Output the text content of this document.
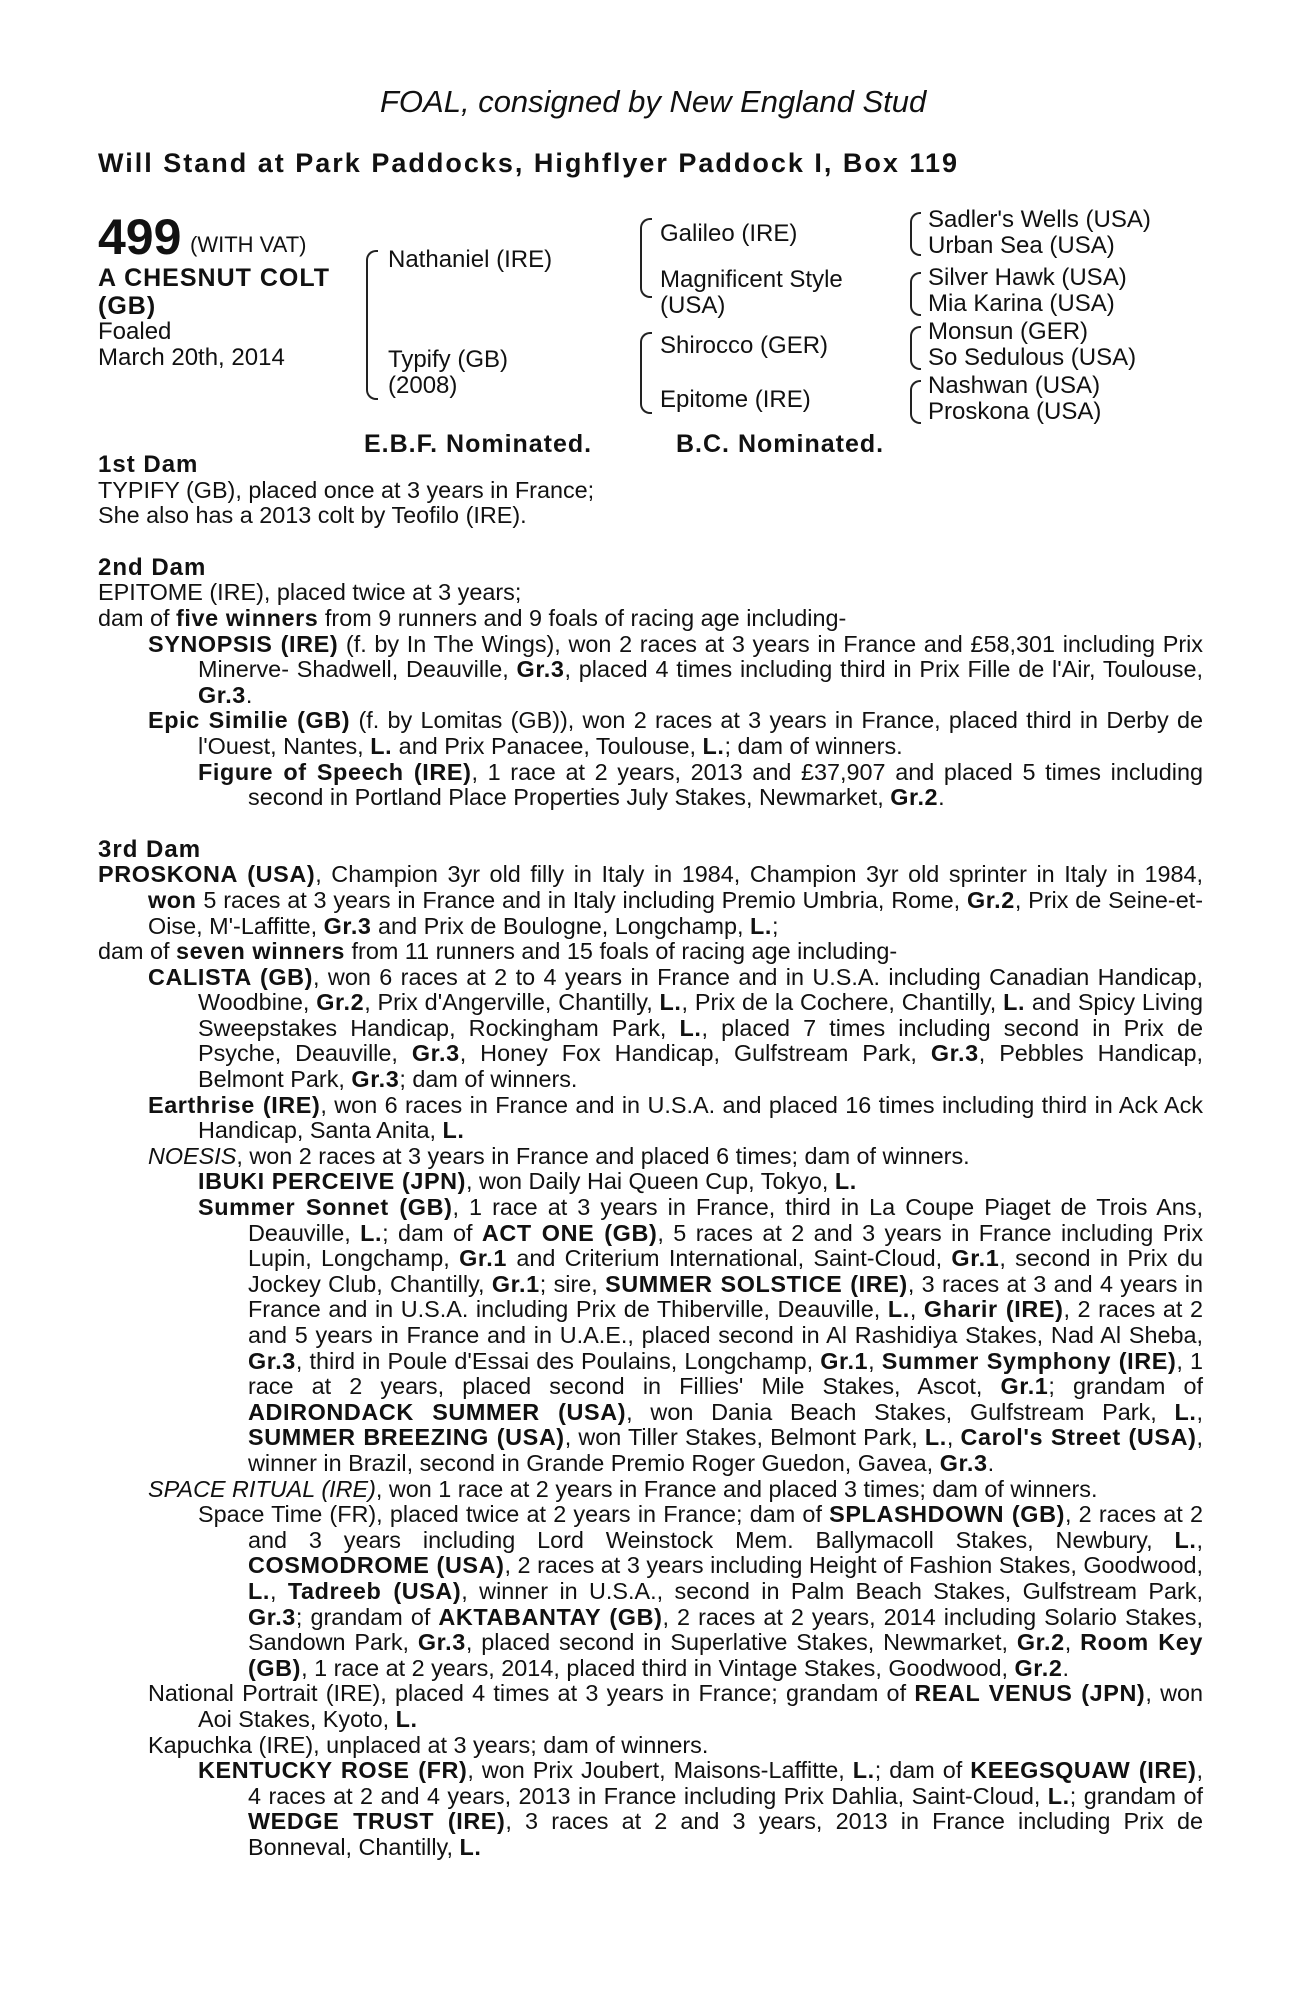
FOAL, consigned by New England Stud
Will Stand at Park Paddocks, Highflyer Paddock I, Box 119
499 (WITH VAT)
A CHESNUT COLT
(GB)
Foaled
March 20th, 2014
Nathaniel (IRE)
Typify (GB)
(2008)
Galileo (IRE)
Magnificent Style
(USA)
Shirocco (GER)
Epitome (IRE)
Sadler's Wells (USA)
Urban Sea (USA)
Silver Hawk (USA)
Mia Karina (USA)
Monsun (GER)
So Sedulous (USA)
Nashwan (USA)
Proskona (USA)
E.B.F. Nominated.	B.C. Nominated.

1st Dam

TYPIFY (GB), placed once at 3 years in France;

She also has a 2013 colt by Teofilo (IRE).

2nd Dam

EPITOME (IRE), placed twice at 3 years;

dam of five winners from 9 runners and 9 foals of racing age including-

SYNOPSIS (IRE) (f. by In The Wings), won 2 races at 3 years in France and £58,301 including Prix Minerve- Shadwell, Deauville, Gr.3, placed 4 times including third in Prix Fille de l'Air, Toulouse, Gr.3.

Epic Similie (GB) (f. by Lomitas (GB)), won 2 races at 3 years in France, placed third in Derby de l'Ouest, Nantes, L. and Prix Panacee, Toulouse, L.; dam of winners.

Figure of Speech (IRE), 1 race at 2 years, 2013 and £37,907 and placed 5 times including second in Portland Place Properties July Stakes, Newmarket, Gr.2.

3rd Dam

PROSKONA (USA), Champion 3yr old filly in Italy in 1984, Champion 3yr old sprinter in Italy in 1984, won 5 races at 3 years in France and in Italy including Premio Umbria, Rome, Gr.2, Prix de Seine-et-Oise, M'-Laffitte, Gr.3 and Prix de Boulogne, Longchamp, L.;

dam of seven winners from 11 runners and 15 foals of racing age including-

CALISTA (GB), won 6 races at 2 to 4 years in France and in U.S.A. including Canadian Handicap, Woodbine, Gr.2, Prix d'Angerville, Chantilly, L., Prix de la Cochere, Chantilly, L. and Spicy Living Sweepstakes Handicap, Rockingham Park, L., placed 7 times including second in Prix de Psyche, Deauville, Gr.3, Honey Fox Handicap, Gulfstream Park, Gr.3, Pebbles Handicap, Belmont Park, Gr.3; dam of winners.

Earthrise (IRE), won 6 races in France and in U.S.A. and placed 16 times including third in Ack Ack Handicap, Santa Anita, L.

NOESIS, won 2 races at 3 years in France and placed 6 times; dam of winners.

IBUKI PERCEIVE (JPN), won Daily Hai Queen Cup, Tokyo, L.

Summer Sonnet (GB), 1 race at 3 years in France, third in La Coupe Piaget de Trois Ans, Deauville, L.; dam of ACT ONE (GB), 5 races at 2 and 3 years in France including Prix Lupin, Longchamp, Gr.1 and Criterium International, Saint-Cloud, Gr.1, second in Prix du Jockey Club, Chantilly, Gr.1; sire, SUMMER SOLSTICE (IRE), 3 races at 3 and 4 years in France and in U.S.A. including Prix de Thiberville, Deauville, L., Gharir (IRE), 2 races at 2 and 5 years in France and in U.A.E., placed second in Al Rashidiya Stakes, Nad Al Sheba, Gr.3, third in Poule d'Essai des Poulains, Longchamp, Gr.1, Summer Symphony (IRE), 1 race at 2 years, placed second in Fillies' Mile Stakes, Ascot, Gr.1; grandam of ADIRONDACK SUMMER (USA), won Dania Beach Stakes, Gulfstream Park, L., SUMMER BREEZING (USA), won Tiller Stakes, Belmont Park, L., Carol's Street (USA), winner in Brazil, second in Grande Premio Roger Guedon, Gavea, Gr.3.

SPACE RITUAL (IRE), won 1 race at 2 years in France and placed 3 times; dam of winners.

Space Time (FR), placed twice at 2 years in France; dam of SPLASHDOWN (GB), 2 races at 2 and 3 years including Lord Weinstock Mem. Ballymacoll Stakes, Newbury, L., COSMODROME (USA), 2 races at 3 years including Height of Fashion Stakes, Goodwood, L., Tadreeb (USA), winner in U.S.A., second in Palm Beach Stakes, Gulfstream Park, Gr.3; grandam of AKTABANTAY (GB), 2 races at 2 years, 2014 including Solario Stakes, Sandown Park, Gr.3, placed second in Superlative Stakes, Newmarket, Gr.2, Room Key (GB), 1 race at 2 years, 2014, placed third in Vintage Stakes, Goodwood, Gr.2.

National Portrait (IRE), placed 4 times at 3 years in France; grandam of REAL VENUS (JPN), won Aoi Stakes, Kyoto, L.

Kapuchka (IRE), unplaced at 3 years; dam of winners.

KENTUCKY ROSE (FR), won Prix Joubert, Maisons-Laffitte, L.; dam of KEEGSQUAW (IRE), 4 races at 2 and 4 years, 2013 in France including Prix Dahlia, Saint-Cloud, L.; grandam of WEDGE TRUST (IRE), 3 races at 2 and 3 years, 2013 in France including Prix de Bonneval, Chantilly, L.
